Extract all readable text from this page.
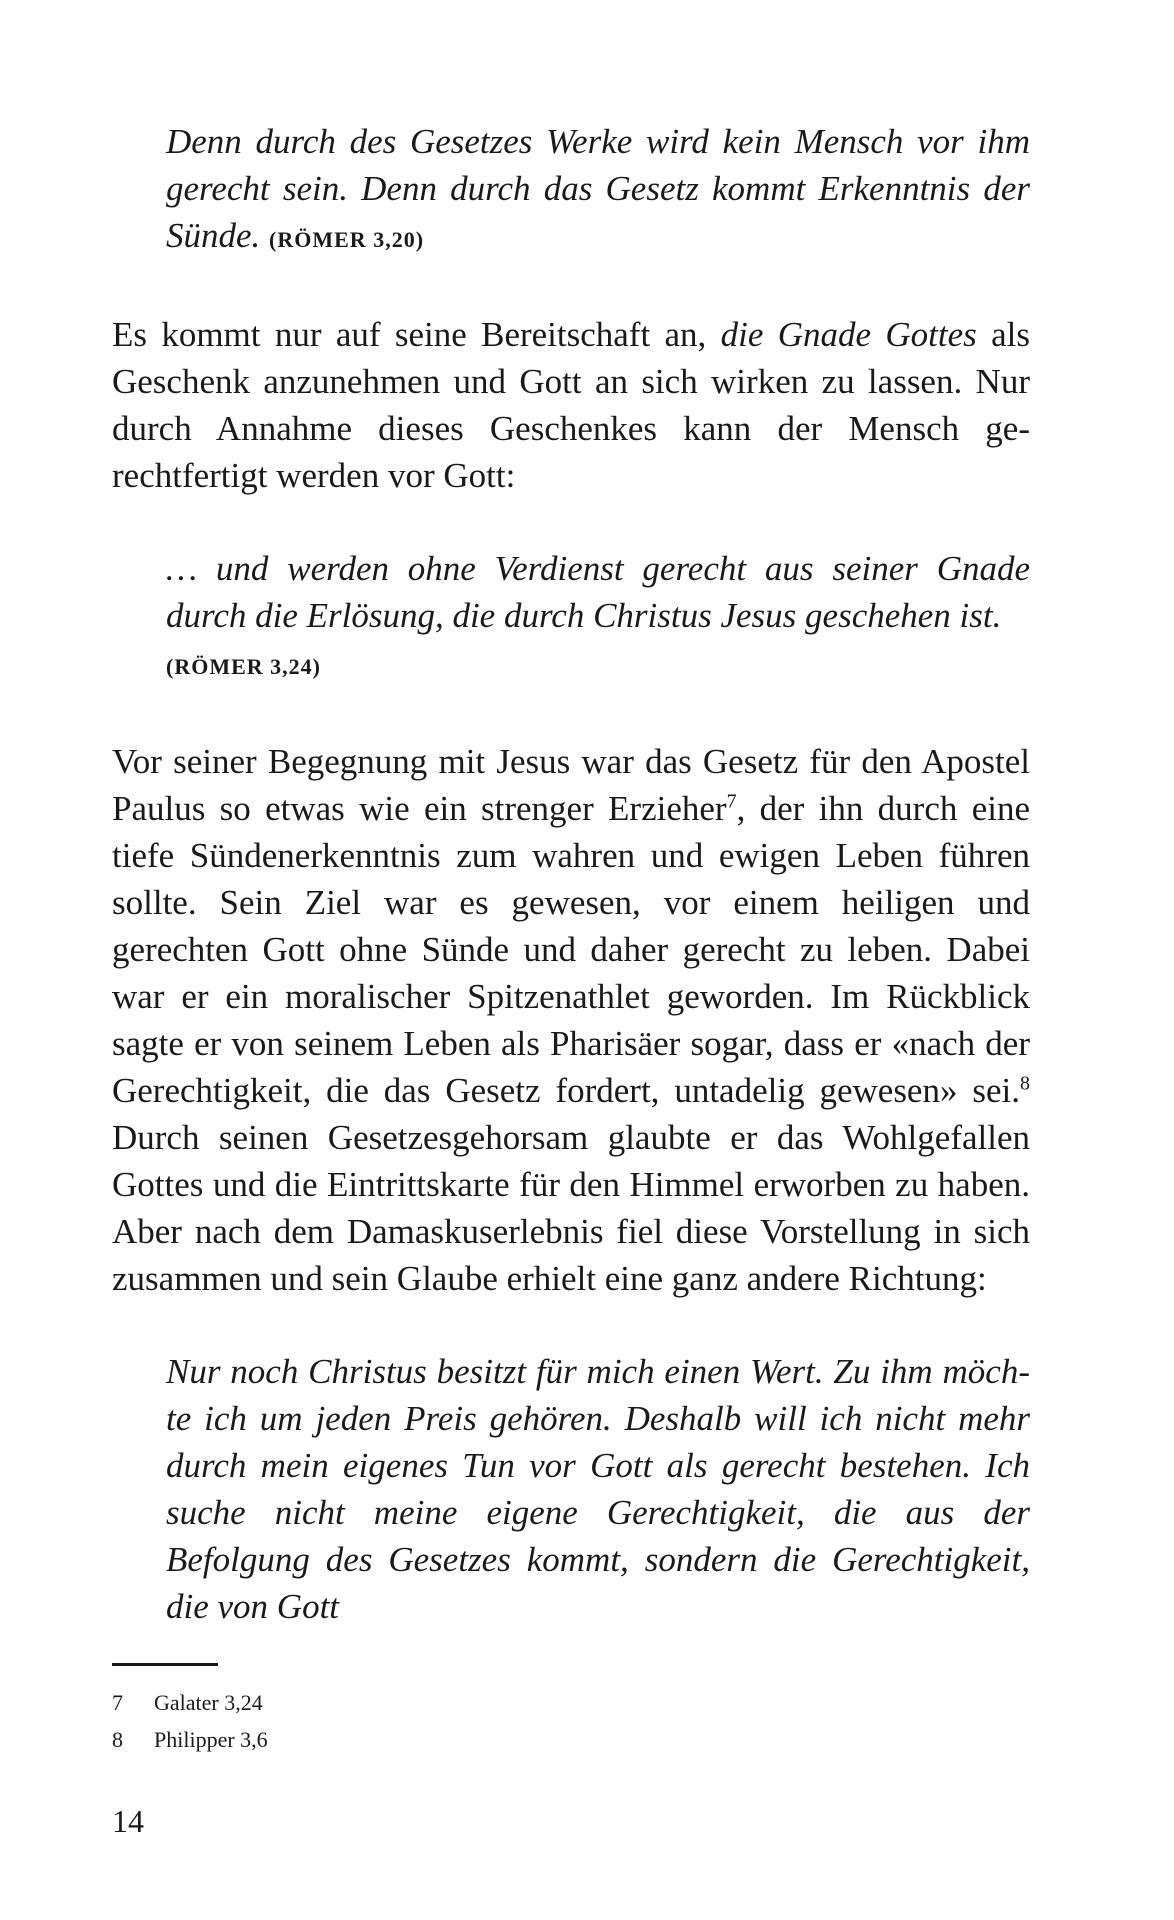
Denn durch des Gesetzes Werke wird kein Mensch vor ihm gerecht sein. Denn durch das Gesetz kommt Erkenntnis der Sünde. (RÖMER 3,20)
Es kommt nur auf seine Bereitschaft an, die Gnade Gottes als Geschenk anzunehmen und Gott an sich wirken zu lassen. Nur durch Annahme dieses Geschenkes kann der Mensch gerechtfertigt werden vor Gott:
… und werden ohne Verdienst gerecht aus seiner Gnade durch die Erlösung, die durch Christus Jesus geschehen ist.
(RÖMER 3,24)
Vor seiner Begegnung mit Jesus war das Gesetz für den Apostel Paulus so etwas wie ein strenger Erzieher$^7$, der ihn durch eine tiefe Sündenerkenntnis zum wahren und ewigen Leben führen sollte. Sein Ziel war es gewesen, vor einem heiligen und gerechten Gott ohne Sünde und daher gerecht zu leben. Dabei war er ein moralischer Spitzenathlet geworden. Im Rückblick sagte er von seinem Leben als Pharisäer sogar, dass er «nach der Gerechtigkeit, die das Gesetz fordert, untadelig gewesen» sei.$^8$ Durch seinen Gesetzesgehorsam glaubte er das Wohlgefallen Gottes und die Eintrittskarte für den Himmel erworben zu haben. Aber nach dem Damaskuserlebnis fiel diese Vorstellung in sich zusammen und sein Glaube erhielt eine ganz andere Richtung:
Nur noch Christus besitzt für mich einen Wert. Zu ihm möchte ich um jeden Preis gehören. Deshalb will ich nicht mehr durch mein eigenes Tun vor Gott als gerecht bestehen. Ich suche nicht meine eigene Gerechtigkeit, die aus der Befolgung des Gesetzes kommt, sondern die Gerechtigkeit, die von Gott
7 Galater 3,24
8 Philipper 3,6
14
